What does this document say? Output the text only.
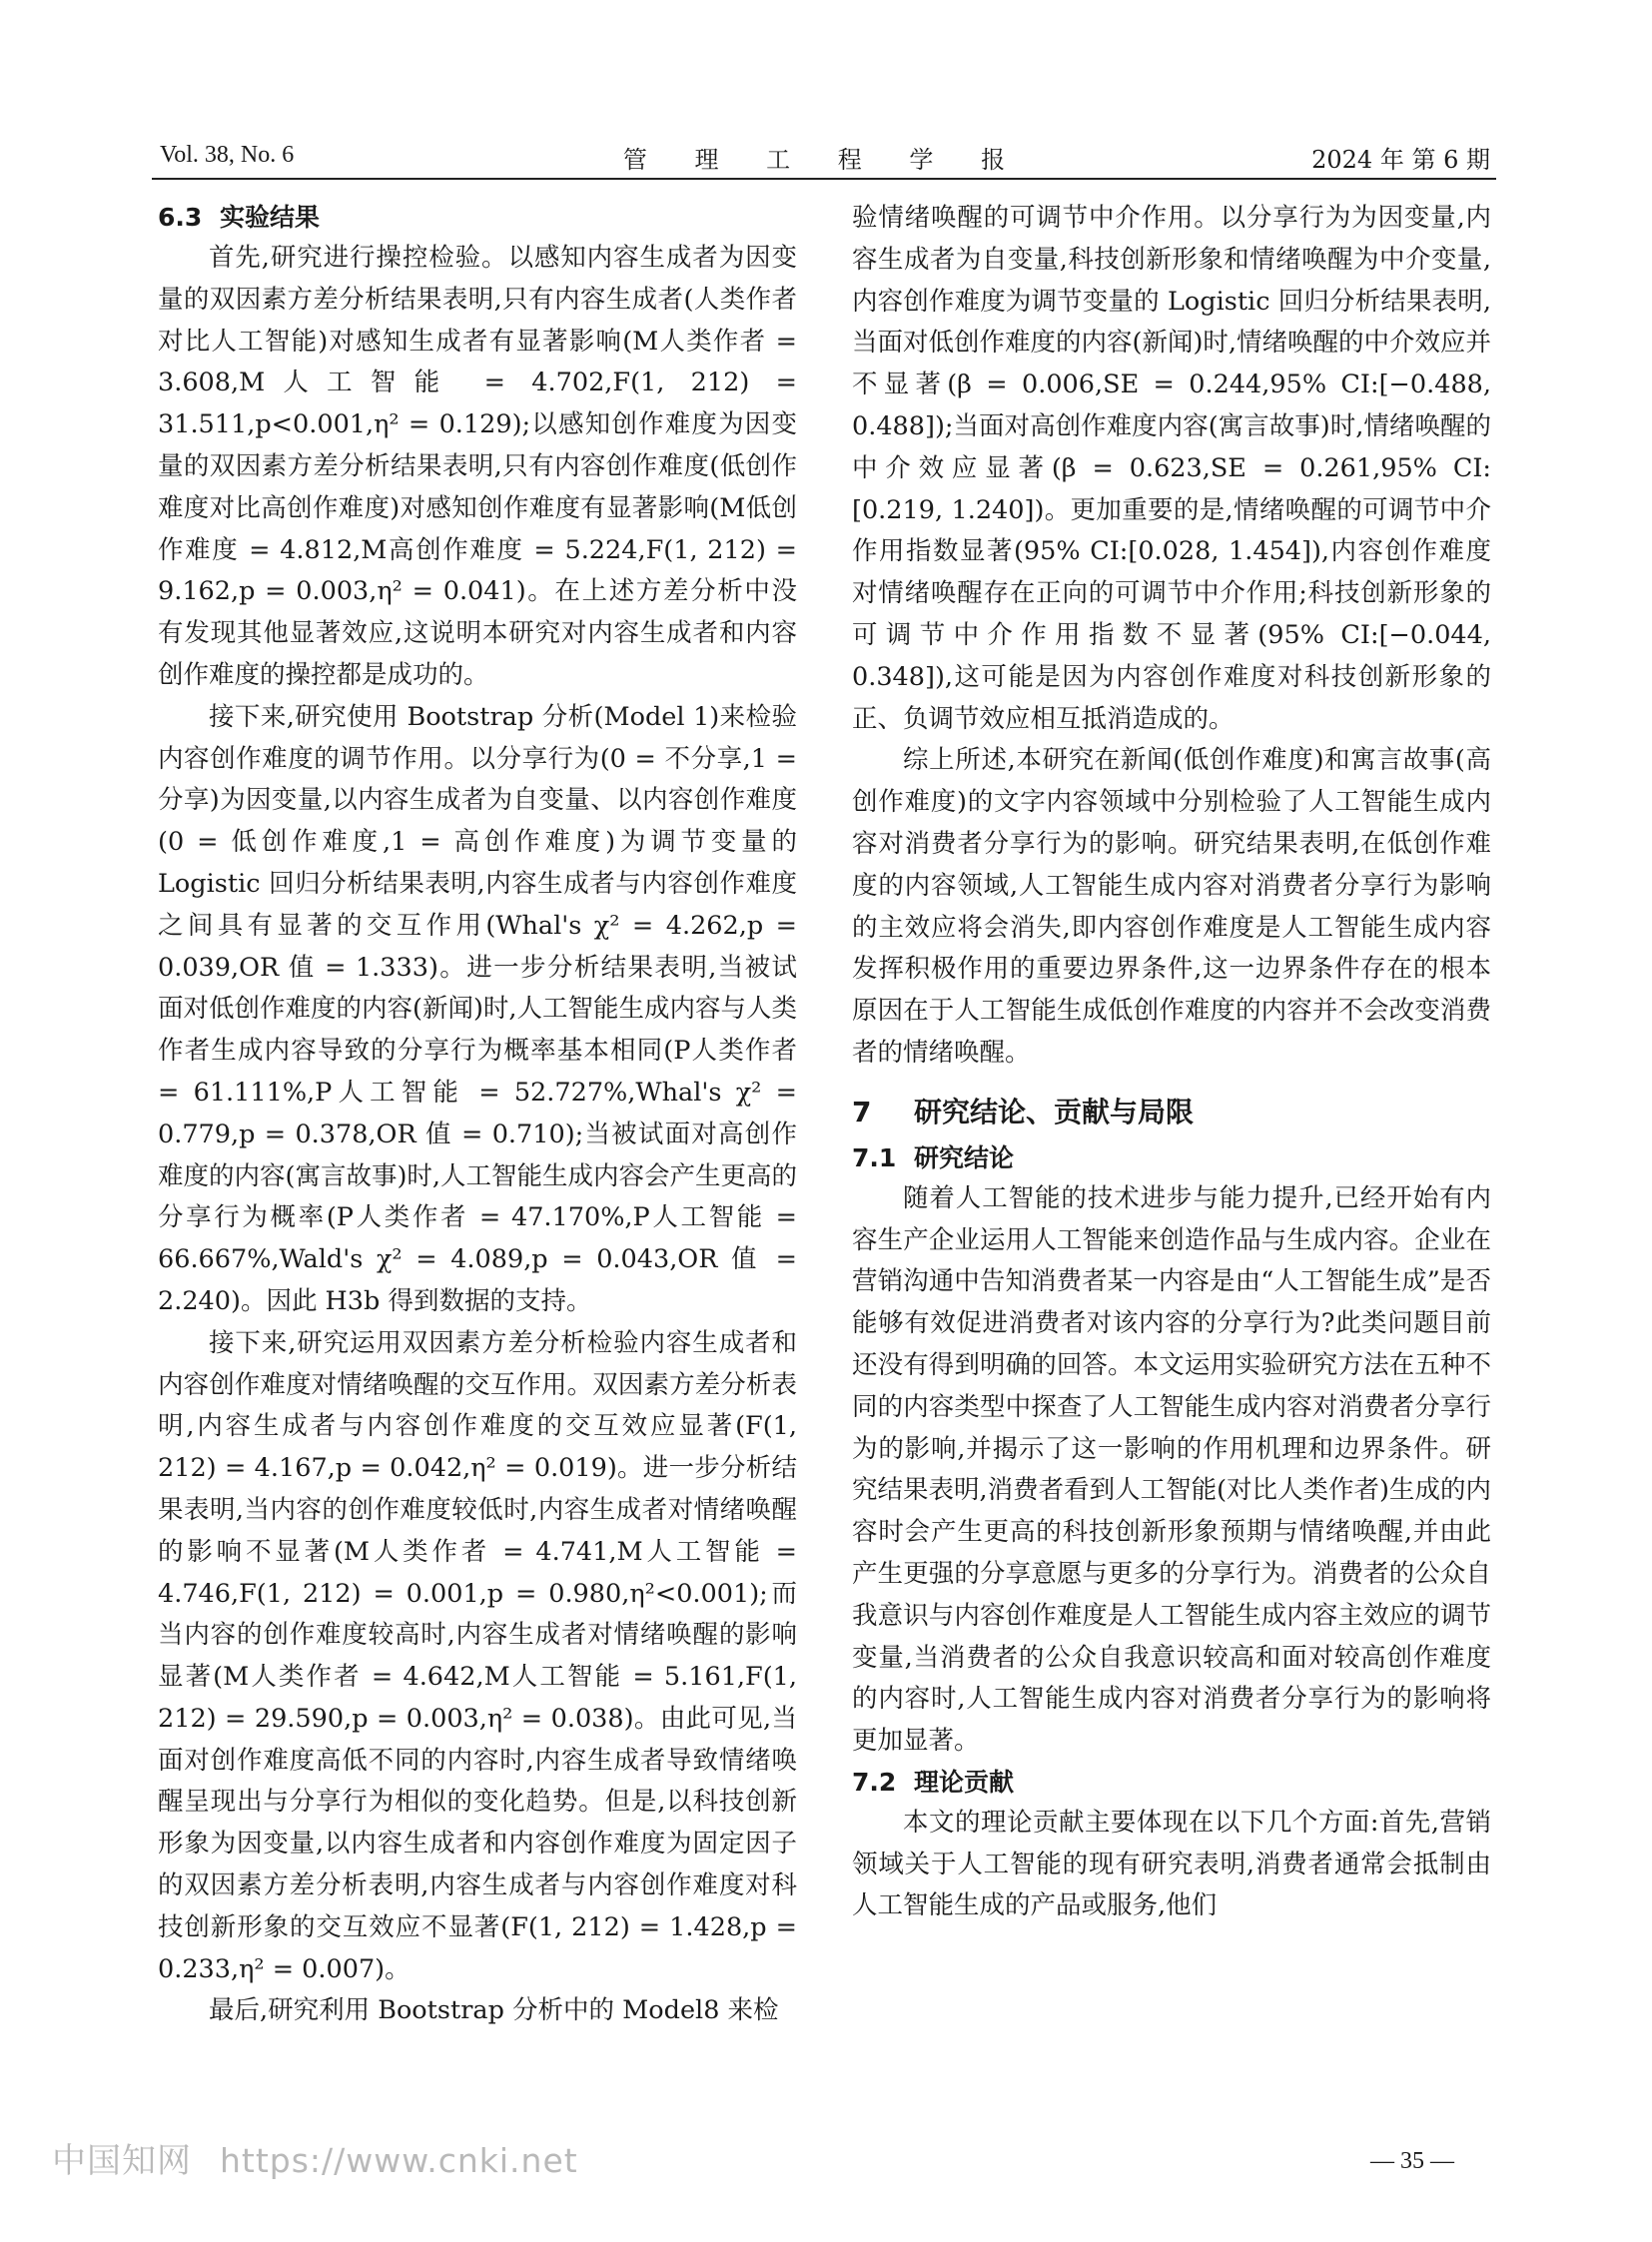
Vol. 38, No. 6	管 理 工 程 学 报	2024 年 第 6 期
6.3 实验结果

首先,研究进行操控检验。以感知内容生成者为因变量的双因素方差分析结果表明,只有内容生成者(人类作者对比人工智能)对感知生成者有显著影响(M人类作者 = 3.608,M人工智能 = 4.702,F(1, 212) = 31.511,p<0.001,η² = 0.129);以感知创作难度为因变量的双因素方差分析结果表明,只有内容创作难度(低创作难度对比高创作难度)对感知创作难度有显著影响(M低创作难度 = 4.812,M高创作难度 = 5.224,F(1, 212) = 9.162,p = 0.003,η² = 0.041)。在上述方差分析中没有发现其他显著效应,这说明本研究对内容生成者和内容创作难度的操控都是成功的。

接下来,研究使用 Bootstrap 分析(Model 1)来检验内容创作难度的调节作用。以分享行为(0 = 不分享,1 = 分享)为因变量,以内容生成者为自变量、以内容创作难度(0 = 低创作难度,1 = 高创作难度)为调节变量的 Logistic 回归分析结果表明,内容生成者与内容创作难度之间具有显著的交互作用(Whal's χ² = 4.262,p = 0.039,OR 值 = 1.333)。进一步分析结果表明,当被试面对低创作难度的内容(新闻)时,人工智能生成内容与人类作者生成内容导致的分享行为概率基本相同(P人类作者 = 61.111%,P人工智能 = 52.727%,Whal's χ² = 0.779,p = 0.378,OR 值 = 0.710);当被试面对高创作难度的内容(寓言故事)时,人工智能生成内容会产生更高的分享行为概率(P人类作者 = 47.170%,P人工智能 = 66.667%,Wald's χ² = 4.089,p = 0.043,OR 值 = 2.240)。因此 H3b 得到数据的支持。

接下来,研究运用双因素方差分析检验内容生成者和内容创作难度对情绪唤醒的交互作用。双因素方差分析表明,内容生成者与内容创作难度的交互效应显著(F(1, 212) = 4.167,p = 0.042,η² = 0.019)。进一步分析结果表明,当内容的创作难度较低时,内容生成者对情绪唤醒的影响不显著(M人类作者 = 4.741,M人工智能 = 4.746,F(1, 212) = 0.001,p = 0.980,η²<0.001);而当内容的创作难度较高时,内容生成者对情绪唤醒的影响显著(M人类作者 = 4.642,M人工智能 = 5.161,F(1, 212) = 29.590,p = 0.003,η² = 0.038)。由此可见,当面对创作难度高低不同的内容时,内容生成者导致情绪唤醒呈现出与分享行为相似的变化趋势。但是,以科技创新形象为因变量,以内容生成者和内容创作难度为固定因子的双因素方差分析表明,内容生成者与内容创作难度对科技创新形象的交互效应不显著(F(1, 212) = 1.428,p = 0.233,η² = 0.007)。

最后,研究利用 Bootstrap 分析中的 Model8 来检

验情绪唤醒的可调节中介作用。以分享行为为因变量,内容生成者为自变量,科技创新形象和情绪唤醒为中介变量,内容创作难度为调节变量的 Logistic 回归分析结果表明,当面对低创作难度的内容(新闻)时,情绪唤醒的中介效应并不显著(β = 0.006,SE = 0.244,95% CI:[−0.488, 0.488]);当面对高创作难度内容(寓言故事)时,情绪唤醒的中介效应显著(β = 0.623,SE = 0.261,95% CI:[0.219, 1.240])。更加重要的是,情绪唤醒的可调节中介作用指数显著(95% CI:[0.028, 1.454]),内容创作难度对情绪唤醒存在正向的可调节中介作用;科技创新形象的可调节中介作用指数不显著(95% CI:[−0.044, 0.348]),这可能是因为内容创作难度对科技创新形象的正、负调节效应相互抵消造成的。

综上所述,本研究在新闻(低创作难度)和寓言故事(高创作难度)的文字内容领域中分别检验了人工智能生成内容对消费者分享行为的影响。研究结果表明,在低创作难度的内容领域,人工智能生成内容对消费者分享行为影响的主效应将会消失,即内容创作难度是人工智能生成内容发挥积极作用的重要边界条件,这一边界条件存在的根本原因在于人工智能生成低创作难度的内容并不会改变消费者的情绪唤醒。

7 研究结论、贡献与局限
7.1 研究结论

随着人工智能的技术进步与能力提升,已经开始有内容生产企业运用人工智能来创造作品与生成内容。企业在营销沟通中告知消费者某一内容是由“人工智能生成”是否能够有效促进消费者对该内容的分享行为?此类问题目前还没有得到明确的回答。本文运用实验研究方法在五种不同的内容类型中探查了人工智能生成内容对消费者分享行为的影响,并揭示了这一影响的作用机理和边界条件。研究结果表明,消费者看到人工智能(对比人类作者)生成的内容时会产生更高的科技创新形象预期与情绪唤醒,并由此产生更强的分享意愿与更多的分享行为。消费者的公众自我意识与内容创作难度是人工智能生成内容主效应的调节变量,当消费者的公众自我意识较高和面对较高创作难度的内容时,人工智能生成内容对消费者分享行为的影响将更加显著。

7.2 理论贡献

本文的理论贡献主要体现在以下几个方面:首先,营销领域关于人工智能的现有研究表明,消费者通常会抵制由人工智能生成的产品或服务,他们

中国知网 https://www.cnki.net	— 35 —
